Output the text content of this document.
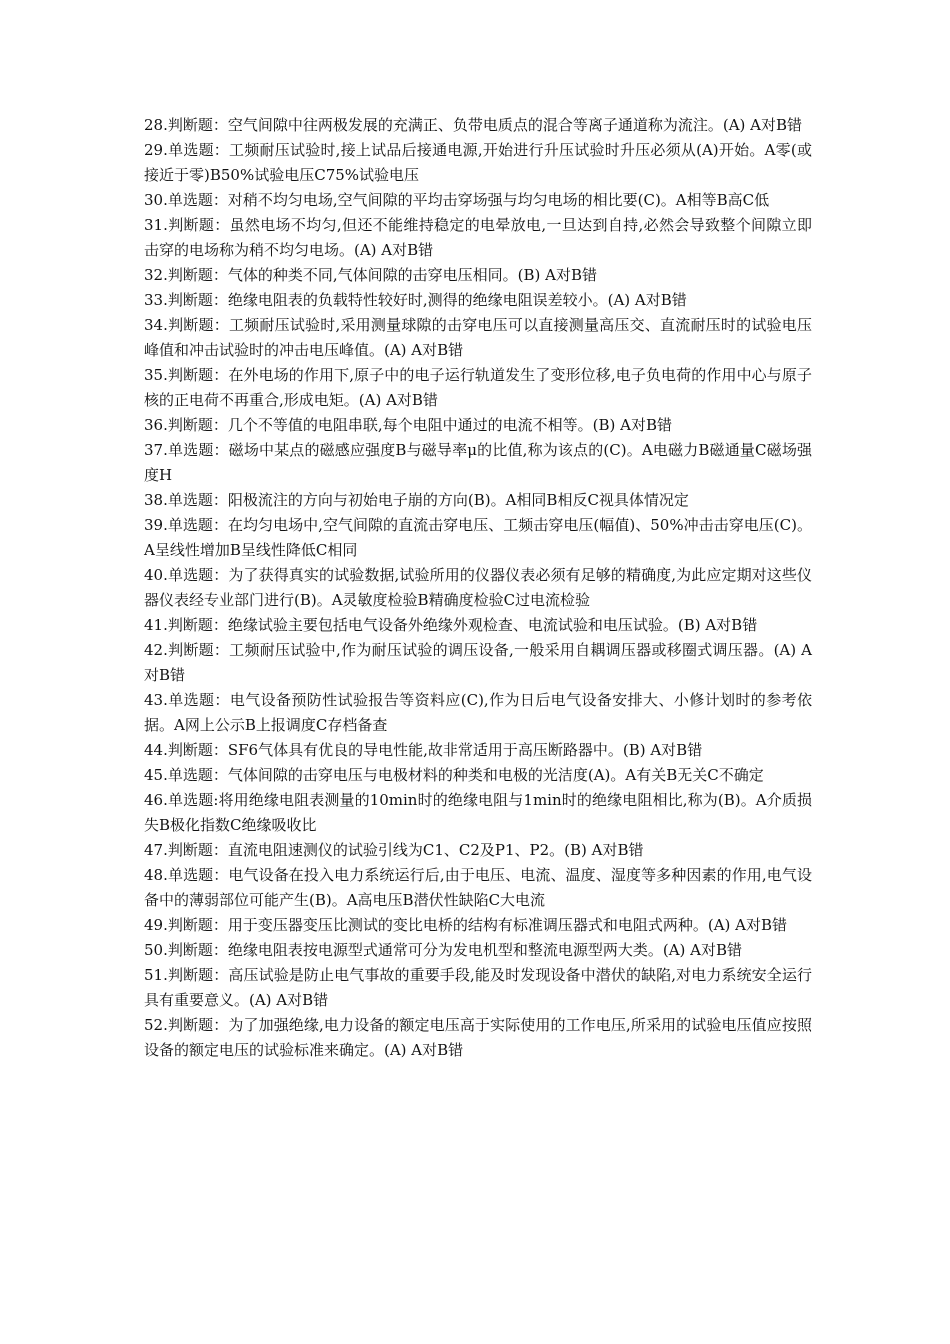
28.判断题：空气间隙中往两极发展的充满正、负带电质点的混合等离子通道称为流注。(A) A对B错

29.单选题：工频耐压试验时,接上试品后接通电源,开始进行升压试验时升压必须从(A)开始。A零(或接近于零)B50%试验电压C75%试验电压

30.单选题：对稍不均匀电场,空气间隙的平均击穿场强与均匀电场的相比要(C)。A相等B高C低

31.判断题：虽然电场不均匀,但还不能维持稳定的电晕放电,一旦达到自持,必然会导致整个间隙立即击穿的电场称为稍不均匀电场。(A) A对B错

32.判断题：气体的种类不同,气体间隙的击穿电压相同。(B) A对B错

33.判断题：绝缘电阻表的负载特性较好时,测得的绝缘电阻误差较小。(A) A对B错

34.判断题：工频耐压试验时,采用测量球隙的击穿电压可以直接测量高压交、直流耐压时的试验电压峰值和冲击试验时的冲击电压峰值。(A) A对B错

35.判断题：在外电场的作用下,原子中的电子运行轨道发生了变形位移,电子负电荷的作用中心与原子核的正电荷不再重合,形成电矩。(A) A对B错

36.判断题：几个不等值的电阻串联,每个电阻中通过的电流不相等。(B) A对B错

37.单选题：磁场中某点的磁感应强度B与磁导率μ的比值,称为该点的(C)。A电磁力B磁通量C磁场强度H

38.单选题：阳极流注的方向与初始电子崩的方向(B)。A相同B相反C视具体情况定

39.单选题：在均匀电场中,空气间隙的直流击穿电压、工频击穿电压(幅值)、50%冲击击穿电压(C)。A呈线性增加B呈线性降低C相同

40.单选题：为了获得真实的试验数据,试验所用的仪器仪表必须有足够的精确度,为此应定期对这些仪器仪表经专业部门进行(B)。A灵敏度检验B精确度检验C过电流检验

41.判断题：绝缘试验主要包括电气设备外绝缘外观检查、电流试验和电压试验。(B) A对B错

42.判断题：工频耐压试验中,作为耐压试验的调压设备,一般采用自耦调压器或移圈式调压器。(A) A对B错

43.单选题：电气设备预防性试验报告等资料应(C),作为日后电气设备安排大、小修计划时的参考依据。A网上公示B上报调度C存档备查

44.判断题：SF6气体具有优良的导电性能,故非常适用于高压断路器中。(B) A对B错

45.单选题：气体间隙的击穿电压与电极材料的种类和电极的光洁度(A)。A有关B无关C不确定

46.单选题:将用绝缘电阻表测量的10min时的绝缘电阻与1min时的绝缘电阻相比,称为(B)。A介质损失B极化指数C绝缘吸收比

47.判断题：直流电阻速测仪的试验引线为C1、C2及P1、P2。(B) A对B错

48.单选题：电气设备在投入电力系统运行后,由于电压、电流、温度、湿度等多种因素的作用,电气设备中的薄弱部位可能产生(B)。A高电压B潜伏性缺陷C大电流

49.判断题：用于变压器变压比测试的变比电桥的结构有标准调压器式和电阻式两种。(A) A对B错

50.判断题：绝缘电阻表按电源型式通常可分为发电机型和整流电源型两大类。(A) A对B错

51.判断题：高压试验是防止电气事故的重要手段,能及时发现设备中潜伏的缺陷,对电力系统安全运行具有重要意义。(A) A对B错

52.判断题：为了加强绝缘,电力设备的额定电压高于实际使用的工作电压,所采用的试验电压值应按照设备的额定电压的试验标准来确定。(A) A对B错
